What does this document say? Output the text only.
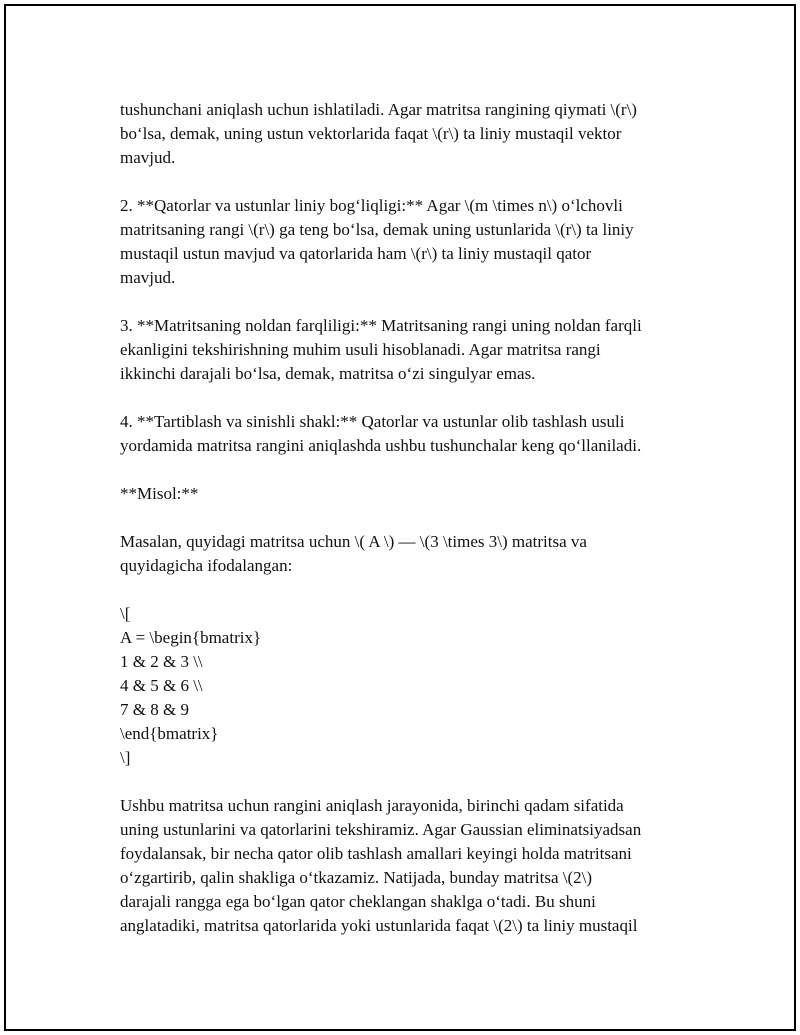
tushunchani aniqlash uchun ishlatiladi. Agar matritsa rangining qiymati \(r\)
bo‘lsa, demak, uning ustun vektorlarida faqat \(r\) ta liniy mustaqil vektor
mavjud.
2. **Qatorlar va ustunlar liniy bog‘liqligi:** Agar \(m \times n\) o‘lchovli
matritsaning rangi \(r\) ga teng bo‘lsa, demak uning ustunlarida \(r\) ta liniy
mustaqil ustun mavjud va qatorlarida ham \(r\) ta liniy mustaqil qator
mavjud.
3. **Matritsaning noldan farqliligi:** Matritsaning rangi uning noldan farqli
ekanligini tekshirishning muhim usuli hisoblanadi. Agar matritsa rangi
ikkinchi darajali bo‘lsa, demak, matritsa o‘zi singulyar emas.
4. **Tartiblash va sinishli shakl:** Qatorlar va ustunlar olib tashlash usuli
yordamida matritsa rangini aniqlashda ushbu tushunchalar keng qo‘llaniladi.
**Misol:**
Masalan, quyidagi matritsa uchun \( A \) — \(3 \times 3\) matritsa va
quyidagicha ifodalangan:
\[
A = \begin{bmatrix}
1 & 2 & 3 \\
4 & 5 & 6 \\
7 & 8 & 9
\end{bmatrix}
\]
Ushbu matritsa uchun rangini aniqlash jarayonida, birinchi qadam sifatida
uning ustunlarini va qatorlarini tekshiramiz. Agar Gaussian eliminatsiyadsan
foydalansak, bir necha qator olib tashlash amallari keyingi holda matritsani
o‘zgartirib, qalin shakliga o‘tkazamiz. Natijada, bunday matritsa \(2\)
darajali rangga ega bo‘lgan qator cheklangan shaklga o‘tadi. Bu shuni
anglatadiki, matritsa qatorlarida yoki ustunlarida faqat \(2\) ta liniy mustaqil
